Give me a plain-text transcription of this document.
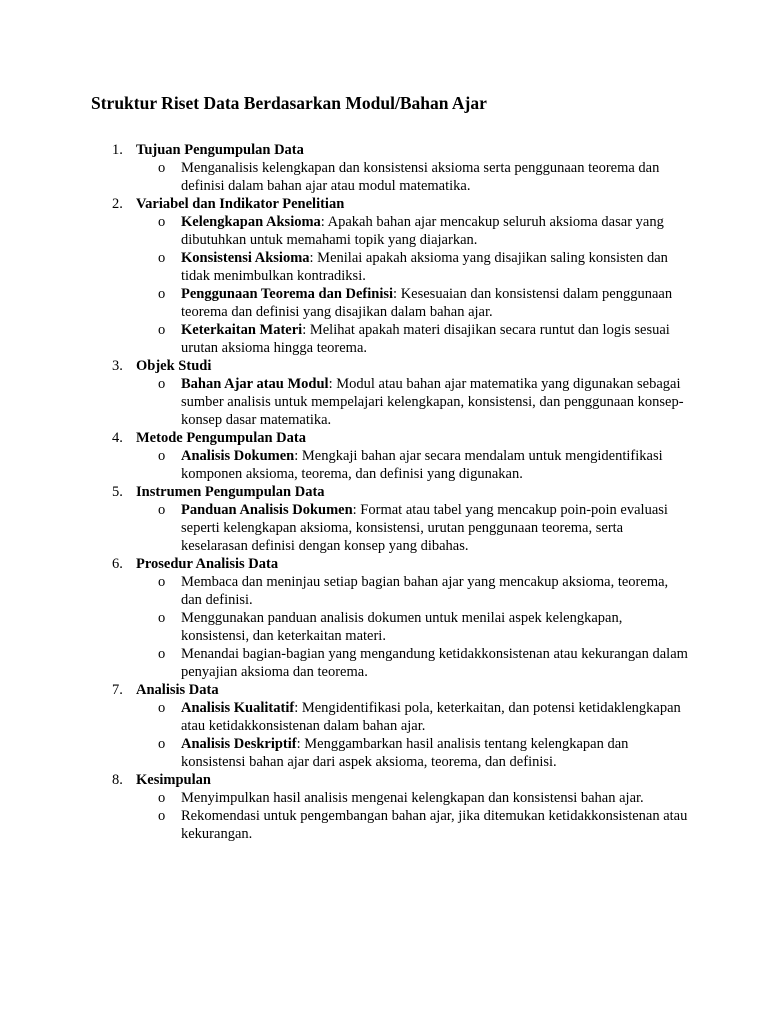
Struktur Riset Data Berdasarkan Modul/Bahan Ajar
1. Tujuan Pengumpulan Data
o Menganalisis kelengkapan dan konsistensi aksioma serta penggunaan teorema dan definisi dalam bahan ajar atau modul matematika.
2. Variabel dan Indikator Penelitian
o Kelengkapan Aksioma: Apakah bahan ajar mencakup seluruh aksioma dasar yang dibutuhkan untuk memahami topik yang diajarkan.
o Konsistensi Aksioma: Menilai apakah aksioma yang disajikan saling konsisten dan tidak menimbulkan kontradiksi.
o Penggunaan Teorema dan Definisi: Kesesuaian dan konsistensi dalam penggunaan teorema dan definisi yang disajikan dalam bahan ajar.
o Keterkaitan Materi: Melihat apakah materi disajikan secara runtut dan logis sesuai urutan aksioma hingga teorema.
3. Objek Studi
o Bahan Ajar atau Modul: Modul atau bahan ajar matematika yang digunakan sebagai sumber analisis untuk mempelajari kelengkapan, konsistensi, dan penggunaan konsep-konsep dasar matematika.
4. Metode Pengumpulan Data
o Analisis Dokumen: Mengkaji bahan ajar secara mendalam untuk mengidentifikasi komponen aksioma, teorema, dan definisi yang digunakan.
5. Instrumen Pengumpulan Data
o Panduan Analisis Dokumen: Format atau tabel yang mencakup poin-poin evaluasi seperti kelengkapan aksioma, konsistensi, urutan penggunaan teorema, serta keselarasan definisi dengan konsep yang dibahas.
6. Prosedur Analisis Data
o Membaca dan meninjau setiap bagian bahan ajar yang mencakup aksioma, teorema, dan definisi.
o Menggunakan panduan analisis dokumen untuk menilai aspek kelengkapan, konsistensi, dan keterkaitan materi.
o Menandai bagian-bagian yang mengandung ketidakkonsistenan atau kekurangan dalam penyajian aksioma dan teorema.
7. Analisis Data
o Analisis Kualitatif: Mengidentifikasi pola, keterkaitan, dan potensi ketidaklengkapan atau ketidakkonsistenan dalam bahan ajar.
o Analisis Deskriptif: Menggambarkan hasil analisis tentang kelengkapan dan konsistensi bahan ajar dari aspek aksioma, teorema, dan definisi.
8. Kesimpulan
o Menyimpulkan hasil analisis mengenai kelengkapan dan konsistensi bahan ajar.
o Rekomendasi untuk pengembangan bahan ajar, jika ditemukan ketidakkonsistenan atau kekurangan.
